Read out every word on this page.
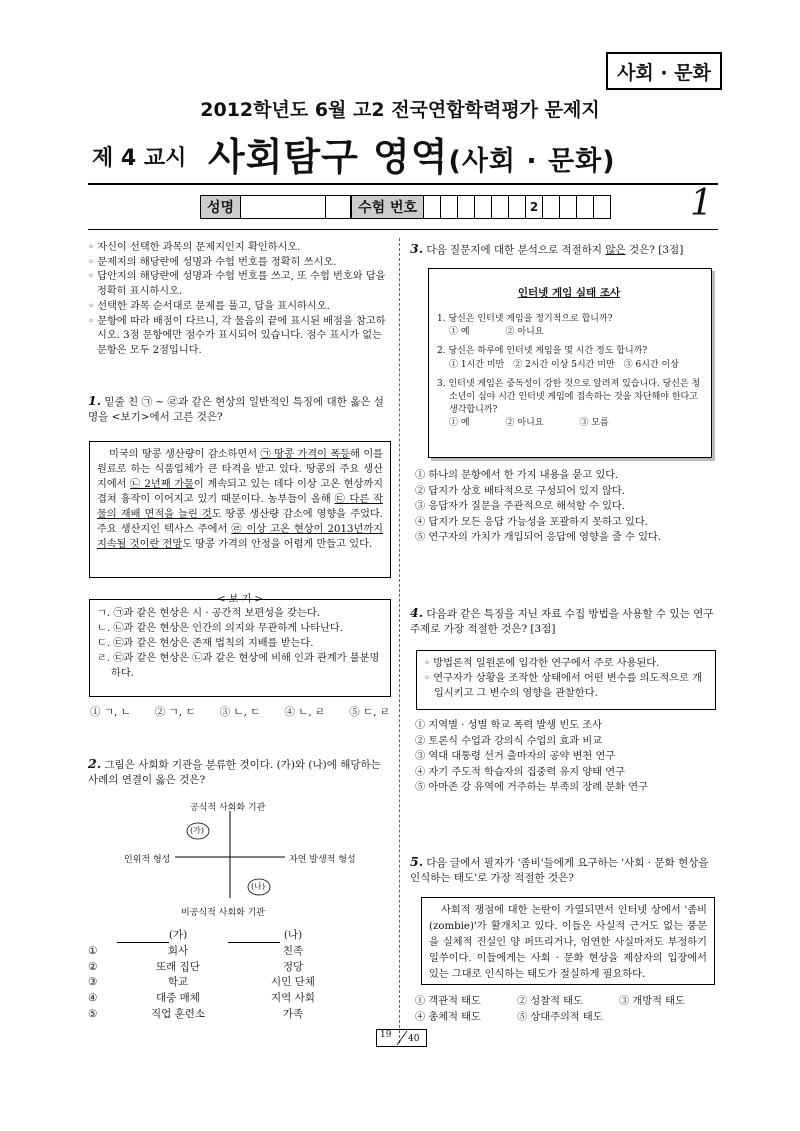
사회 · 문화
2012학년도 6월 고2 전국연합학력평가 문제지
제 4 교시 사회탐구 영역(사회 · 문화)
성명	수험 번호	2	1
◦ 자신이 선택한 과목의 문제지인지 확인하시오.
◦ 문제지의 해당란에 성명과 수험 번호를 정확히 쓰시오.
◦ 답안지의 해당란에 성명과 수험 번호를 쓰고, 또 수험 번호와 답을 정확히 표시하시오.
◦ 선택한 과목 순서대로 문제를 풀고, 답을 표시하시오.
◦ 문항에 따라 배점이 다르니, 각 물음의 끝에 표시된 배점을 참고하시오. 3점 문항에만 점수가 표시되어 있습니다. 점수 표시가 없는 문항은 모두 2점입니다.
1. 밑줄 친 ㉠ ~ ㉣과 같은 현상의 일반적인 특징에 대한 옳은 설명을 <보기>에서 고른 것은?
미국의 땅콩 생산량이 감소하면서 ㉠ 땅콩 가격이 폭등해 이를 원료로 하는 식품업체가 큰 타격을 받고 있다. 땅콩의 주요 생산지에서 ㉡ 2년째 가뭄이 계속되고 있는 데다 이상 고온 현상까지 겹쳐 흉작이 이어지고 있기 때문이다. 농부들이 올해 ㉢ 다른 작물의 재배 면적을 늘린 것도 땅콩 생산량 감소에 영향을 주었다. 주요 생산지인 텍사스 주에서 ㉣ 이상 고온 현상이 2013년까지 지속될 것이란 전망도 땅콩 가격의 안정을 어렵게 만들고 있다.
< 보 기 >
ㄱ. ㉠과 같은 현상은 시 · 공간적 보편성을 갖는다.
ㄴ. ㉡과 같은 현상은 인간의 의지와 무관하게 나타난다.
ㄷ. ㉢과 같은 현상은 존재 법칙의 지배를 받는다.
ㄹ. ㉢과 같은 현상은 ㉡과 같은 현상에 비해 인과 관계가 불분명하다.
① ㄱ, ㄴ ② ㄱ, ㄷ ③ ㄴ, ㄷ ④ ㄴ, ㄹ ⑤ ㄷ, ㄹ
2. 그림은 사회화 기관을 분류한 것이다. (가)와 (나)에 해당하는 사례의 연결이 옳은 것은?
공식적 사회화 기관
비공식적 사회화 기관
인위적 형성	자연 발생적 형성
(가)
(나)
(가)	(나)
①	회사	친족
②	또래 집단	정당
③	학교	시민 단체
④	대중 매체	지역 사회
⑤	직업 훈련소	가족
3. 다음 질문지에 대한 분석으로 적절하지 않은 것은? [3점]
인터넷 게임 실태 조사
1. 당신은 인터넷 게임을 정기적으로 합니까?
① 예　　　　② 아니요
2. 당신은 하루에 인터넷 게임을 몇 시간 정도 합니까?
① 1시간 미만　② 2시간 이상 5시간 미만　③ 6시간 이상
3. 인터넷 게임은 중독성이 강한 것으로 알려져 있습니다. 당신은 청소년이 심야 시간 인터넷 게임에 접속하는 것을 차단해야 한다고 생각합니까?
① 예　　　　② 아니요　　　　③ 모름
① 하나의 문항에서 한 가지 내용을 묻고 있다.
② 답지가 상호 배타적으로 구성되어 있지 않다.
③ 응답자가 질문을 주관적으로 해석할 수 있다.
④ 답지가 모든 응답 가능성을 포괄하지 못하고 있다.
⑤ 연구자의 가치가 개입되어 응답에 영향을 줄 수 있다.
4. 다음과 같은 특징을 지닌 자료 수집 방법을 사용할 수 있는 연구 주제로 가장 적절한 것은? [3점]
◦ 방법론적 일원론에 입각한 연구에서 주로 사용된다.
◦ 연구자가 상황을 조작한 상태에서 어떤 변수를 의도적으로 개입시키고 그 변수의 영향을 관찰한다.
① 지역별 · 성별 학교 폭력 발생 빈도 조사
② 토론식 수업과 강의식 수업의 효과 비교
③ 역대 대통령 선거 출마자의 공약 변천 연구
④ 자기 주도적 학습자의 집중력 유지 양태 연구
⑤ 아마존 강 유역에 거주하는 부족의 장례 문화 연구
5. 다음 글에서 필자가 '좀비'들에게 요구하는 '사회 · 문화 현상을 인식하는 태도'로 가장 적절한 것은?
사회적 쟁점에 대한 논란이 가열되면서 인터넷 상에서 '좀비(zombie)'가 활개치고 있다. 이들은 사실적 근거도 없는 풍문을 실체적 진실인 양 퍼뜨리거나, 엄연한 사실마저도 부정하기 일쑤이다. 이들에게는 사회 · 문화 현상을 제삼자의 입장에서 있는 그대로 인식하는 태도가 절실하게 필요하다.
① 객관적 태도	② 성찰적 태도	③ 개방적 태도
④ 총체적 태도	⑤ 상대주의적 태도
19 40
